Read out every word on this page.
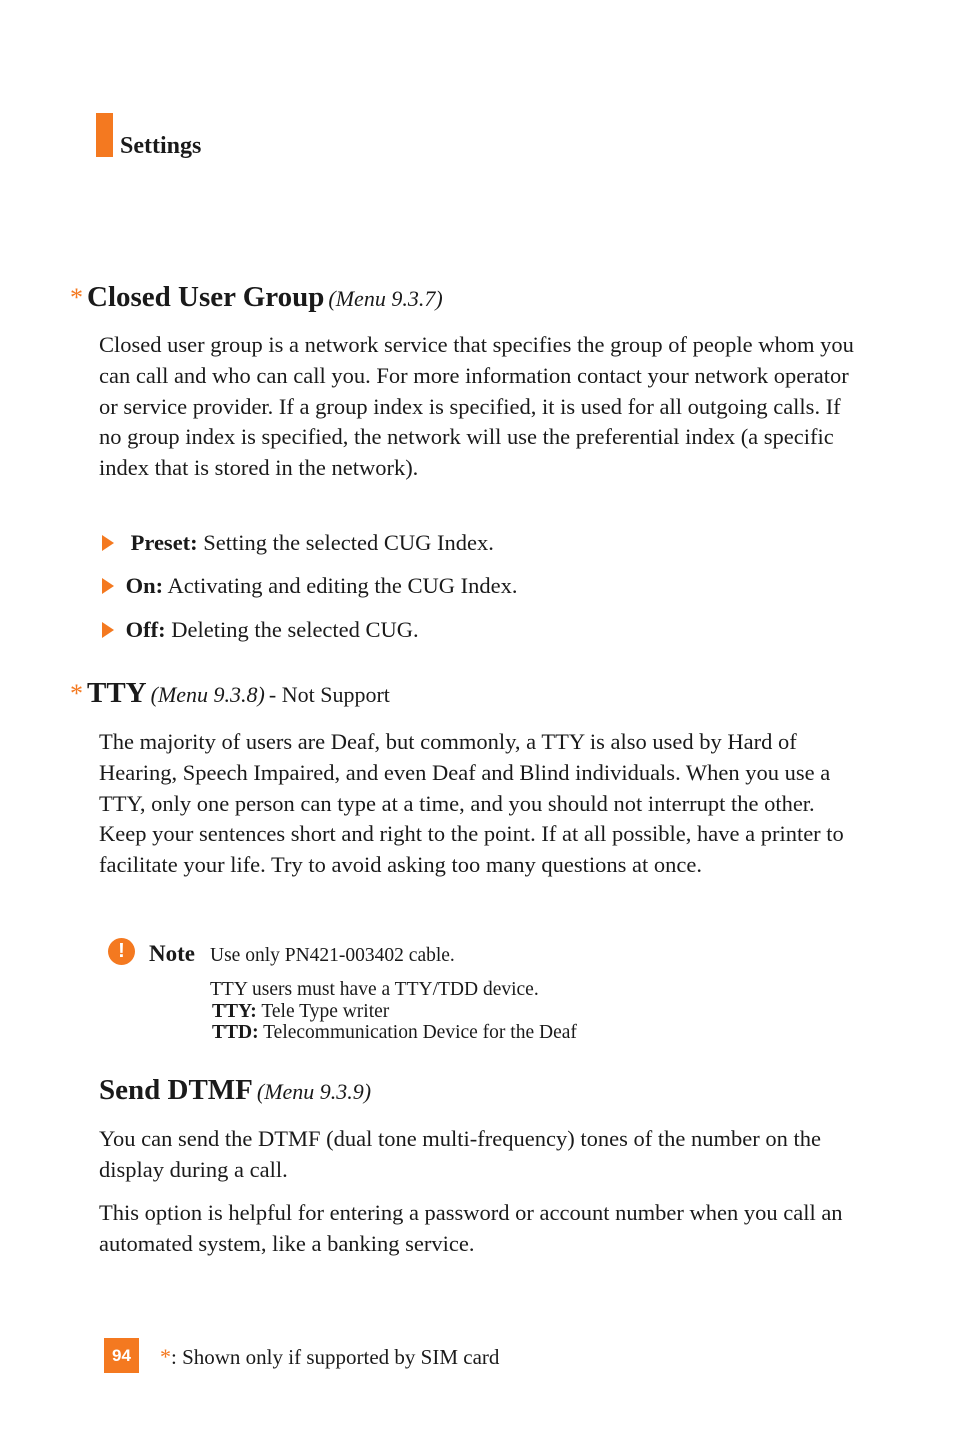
Settings
* Closed User Group (Menu 9.3.7)

Closed user group is a network service that specifies the group of people whom you can call and who can call you. For more information contact your network operator or service provider. If a group index is specified, it is used for all outgoing calls. If no group index is specified, the network will use the preferential index (a specific index that is stored in the network).

Preset: Setting the selected CUG Index.
On: Activating and editing the CUG Index.
Off: Deleting the selected CUG.
* TTY (Menu 9.3.8) - Not Support

The majority of users are Deaf, but commonly, a TTY is also used by Hard of Hearing, Speech Impaired, and even Deaf and Blind individuals. When you use a TTY, only one person can type at a time, and you should not interrupt the other. Keep your sentences short and right to the point. If at all possible, have a printer to facilitate your life. Try to avoid asking too many questions at once.

!	Note Use only PN421-003402 cable.
TTY users must have a TTY/TDD device.
TTY: Tele Type writer
TTD: Telecommunication Device for the Deaf
Send DTMF (Menu 9.3.9)

You can send the DTMF (dual tone multi-frequency) tones of the number on the display during a call.

This option is helpful for entering a password or account number when you call an automated system, like a banking service.

94	*: Shown only if supported by SIM card
